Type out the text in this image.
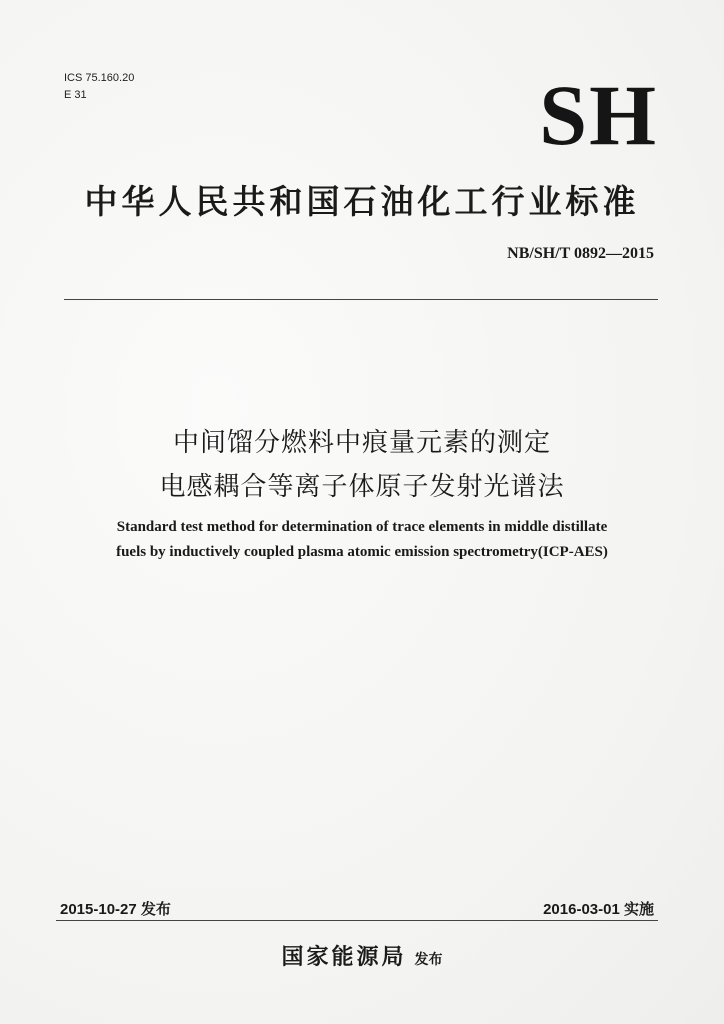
ICS 75.160.20
E 31	SH
中华人民共和国石油化工行业标准
NB/SH/T 0892—2015
中间馏分燃料中痕量元素的测定
电感耦合等离子体原子发射光谱法
Standard test method for determination of trace elements in middle distillate
fuels by inductively coupled plasma atomic emission spectrometry(ICP-AES)
2015-10-27 发布	2016-03-01 实施
国家能源局 发布
